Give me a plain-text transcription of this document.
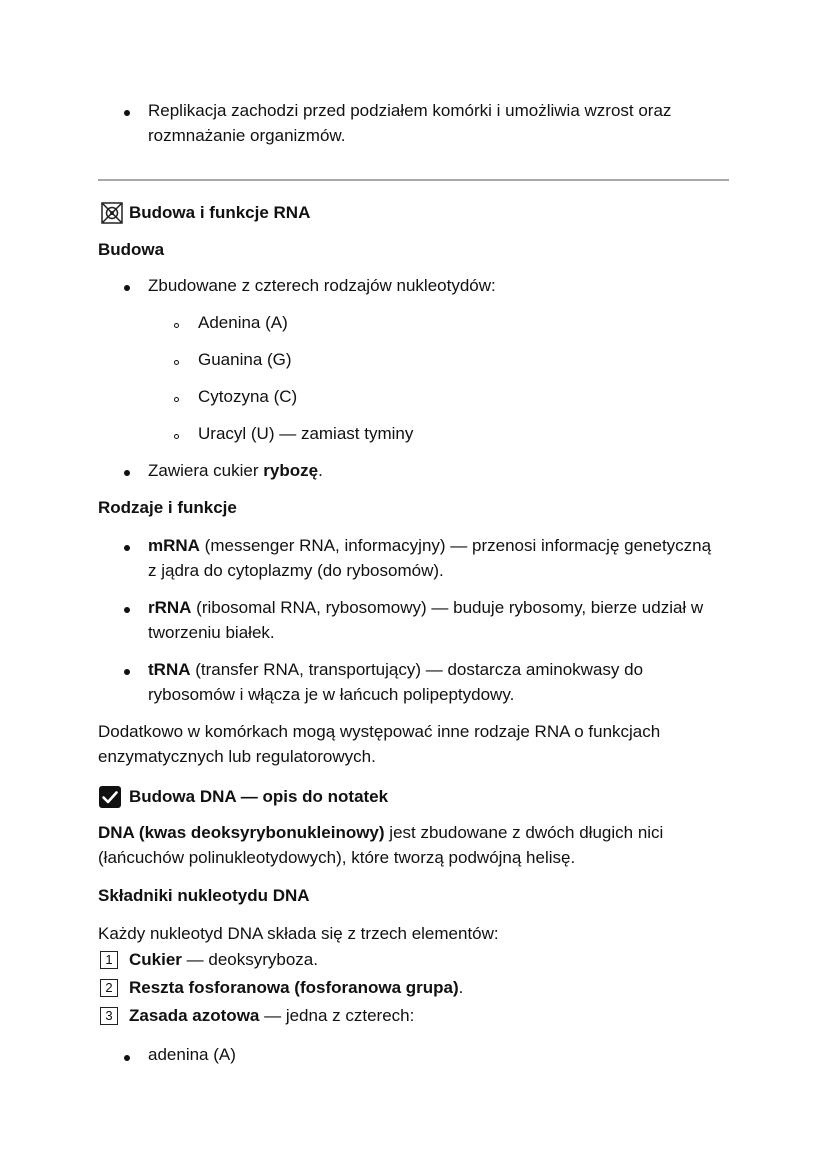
Replikacja zachodzi przed podziałem komórki i umożliwia wzrost oraz
rozmnażanie organizmów.
Budowa i funkcje RNA
Budowa
Zbudowane z czterech rodzajów nukleotydów:
Adenina (A)
Guanina (G)
Cytozyna (C)
Uracyl (U) — zamiast tyminy
Zawiera cukier rybozę.
Rodzaje i funkcje
mRNA (messenger RNA, informacyjny) — przenosi informację genetyczną
z jądra do cytoplazmy (do rybosomów).
rRNA (ribosomal RNA, rybosomowy) — buduje rybosomy, bierze udział w
tworzeniu białek.
tRNA (transfer RNA, transportujący) — dostarcza aminokwasy do
rybosomów i włącza je w łańcuch polipeptydowy.
Dodatkowo w komórkach mogą występować inne rodzaje RNA o funkcjach
enzymatycznych lub regulatorowych.
Budowa DNA — opis do notatek
DNA (kwas deoksyrybonukleinowy) jest zbudowane z dwóch długich nici
(łańcuchów polinukleotydowych), które tworzą podwójną helisę.
Składniki nukleotydu DNA
Każdy nukleotyd DNA składa się z trzech elementów:
1 Cukier — deoksyryboza.
2 Reszta fosforanowa (fosforanowa grupa).
3 Zasada azotowa — jedna z czterech:
adenina (A)
